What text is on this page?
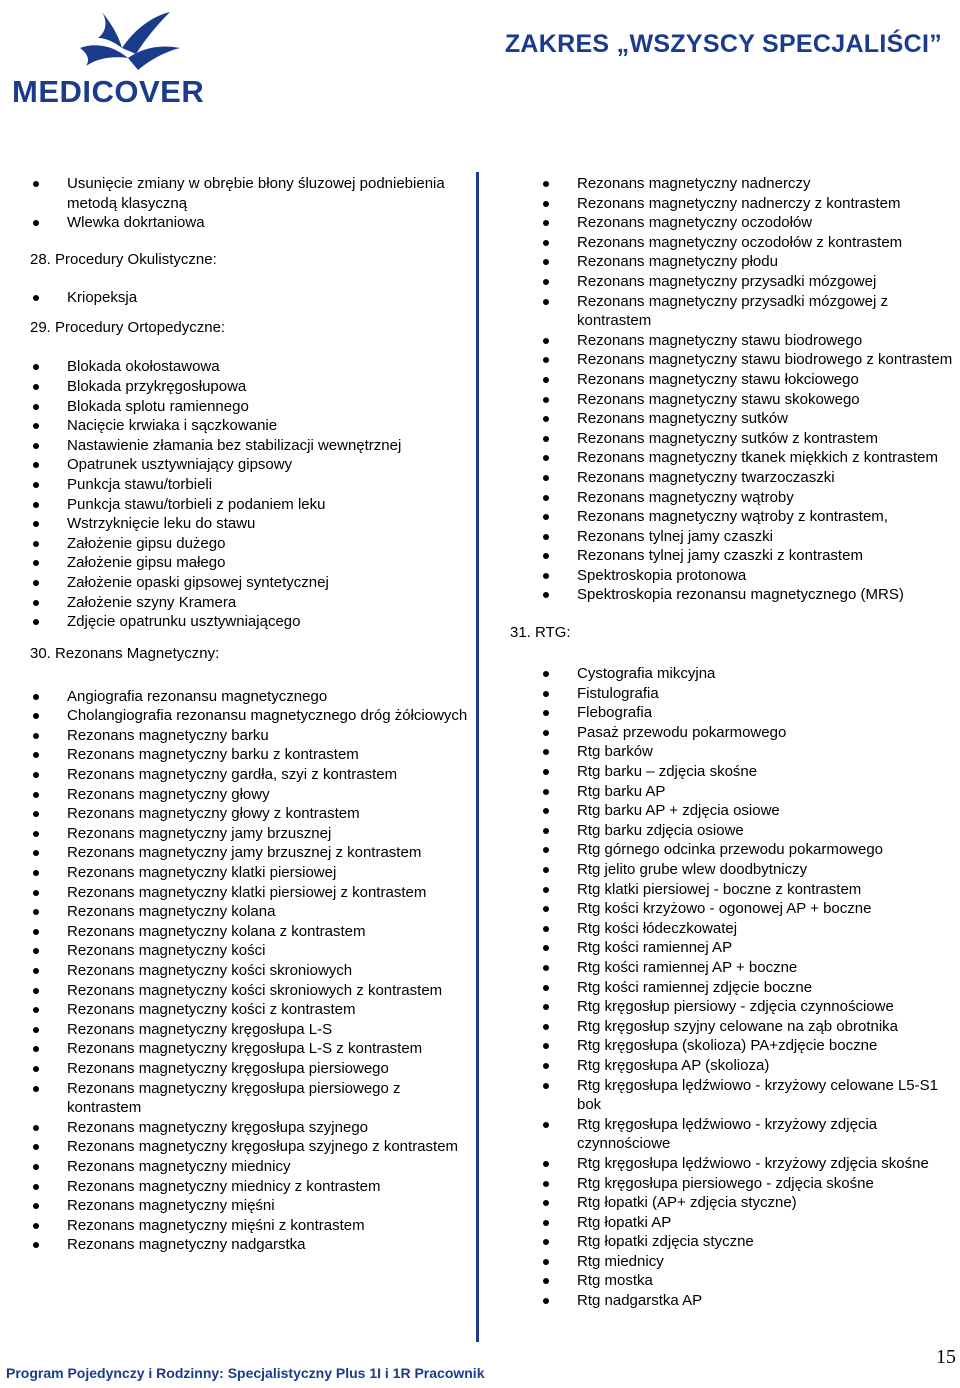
MEDICOVER
ZAKRES „WSZYSCY SPECJALIŚCI”
Usunięcie zmiany w obrębie błony śluzowej podniebienia metodą klasyczną
Wlewka dokrtaniowa
28. Procedury Okulistyczne:
Kriopeksja
29. Procedury Ortopedyczne:
Blokada okołostawowa
Blokada przykręgosłupowa
Blokada splotu ramiennego
Nacięcie krwiaka i sączkowanie
Nastawienie złamania bez stabilizacji wewnętrznej
Opatrunek usztywniający gipsowy
Punkcja stawu/torbieli
Punkcja stawu/torbieli z podaniem leku
Wstrzyknięcie leku do stawu
Założenie gipsu dużego
Założenie gipsu małego
Założenie opaski gipsowej syntetycznej
Założenie szyny Kramera
Zdjęcie opatrunku usztywniającego
30. Rezonans Magnetyczny:
Angiografia rezonansu magnetycznego
Cholangiografia rezonansu magnetycznego dróg żółciowych
Rezonans magnetyczny barku
Rezonans magnetyczny barku z kontrastem
Rezonans magnetyczny gardła, szyi z kontrastem
Rezonans magnetyczny głowy
Rezonans magnetyczny głowy z kontrastem
Rezonans magnetyczny jamy brzusznej
Rezonans magnetyczny jamy brzusznej z kontrastem
Rezonans magnetyczny klatki piersiowej
Rezonans magnetyczny klatki piersiowej z kontrastem
Rezonans magnetyczny kolana
Rezonans magnetyczny kolana z kontrastem
Rezonans magnetyczny kości
Rezonans magnetyczny kości skroniowych
Rezonans magnetyczny kości skroniowych z kontrastem
Rezonans magnetyczny kości z kontrastem
Rezonans magnetyczny kręgosłupa L-S
Rezonans magnetyczny kręgosłupa L-S z kontrastem
Rezonans magnetyczny kręgosłupa piersiowego
Rezonans magnetyczny kręgosłupa piersiowego z kontrastem
Rezonans magnetyczny kręgosłupa szyjnego
Rezonans magnetyczny kręgosłupa szyjnego z kontrastem
Rezonans magnetyczny miednicy
Rezonans magnetyczny miednicy z kontrastem
Rezonans magnetyczny mięśni
Rezonans magnetyczny mięśni z kontrastem
Rezonans magnetyczny nadgarstka
Rezonans magnetyczny nadnerczy
Rezonans magnetyczny nadnerczy z kontrastem
Rezonans magnetyczny oczodołów
Rezonans magnetyczny oczodołów z kontrastem
Rezonans magnetyczny płodu
Rezonans magnetyczny przysadki mózgowej
Rezonans magnetyczny przysadki mózgowej z kontrastem
Rezonans magnetyczny stawu biodrowego
Rezonans magnetyczny stawu biodrowego z kontrastem
Rezonans magnetyczny stawu łokciowego
Rezonans magnetyczny stawu skokowego
Rezonans magnetyczny sutków
Rezonans magnetyczny sutków z kontrastem
Rezonans magnetyczny tkanek miękkich z kontrastem
Rezonans magnetyczny twarzoczaszki
Rezonans magnetyczny wątroby
Rezonans magnetyczny wątroby z kontrastem,
Rezonans tylnej jamy czaszki
Rezonans tylnej jamy czaszki z kontrastem
Spektroskopia protonowa
Spektroskopia rezonansu magnetycznego (MRS)
31. RTG:
Cystografia mikcyjna
Fistulografia
Flebografia
Pasaż przewodu pokarmowego
Rtg barków
Rtg barku – zdjęcia skośne
Rtg barku AP
Rtg barku AP + zdjęcia osiowe
Rtg barku zdjęcia osiowe
Rtg górnego odcinka przewodu pokarmowego
Rtg jelito grube wlew doodbytniczy
Rtg klatki piersiowej - boczne z kontrastem
Rtg kości krzyżowo - ogonowej AP + boczne
Rtg kości łódeczkowatej
Rtg kości ramiennej AP
Rtg kości ramiennej AP + boczne
Rtg kości ramiennej zdjęcie boczne
Rtg kręgosłup piersiowy - zdjęcia czynnościowe
Rtg kręgosłup szyjny celowane na ząb obrotnika
Rtg kręgosłupa (skolioza) PA+zdjęcie boczne
Rtg kręgosłupa AP (skolioza)
Rtg kręgosłupa lędźwiowo - krzyżowy celowane L5-S1 bok
Rtg kręgosłupa lędźwiowo - krzyżowy zdjęcia czynnościowe
Rtg kręgosłupa lędźwiowo - krzyżowy zdjęcia skośne
Rtg kręgosłupa piersiowego - zdjęcia skośne
Rtg łopatki (AP+ zdjęcia styczne)
Rtg łopatki AP
Rtg łopatki zdjęcia styczne
Rtg miednicy
Rtg mostka
Rtg nadgarstka AP
Program Pojedynczy i Rodzinny: Specjalistyczny Plus 1I i 1R Pracownik
15
